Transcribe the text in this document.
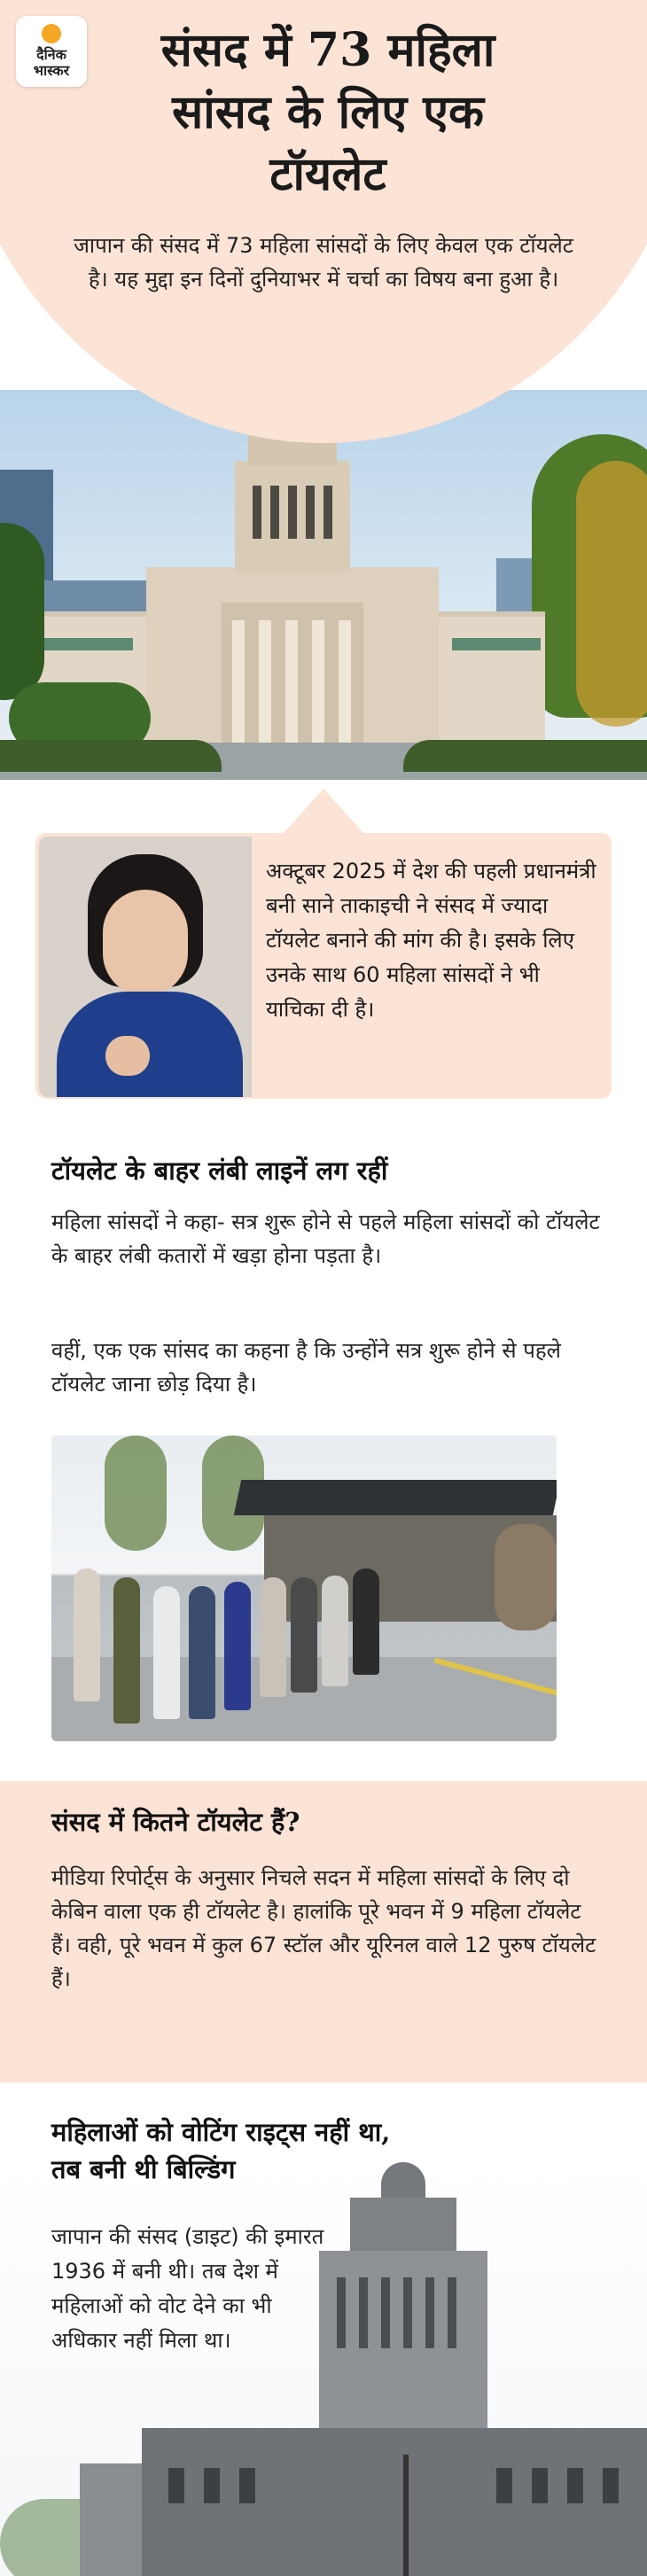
दैनिक
भास्कर	संसद में 73 महिला
सांसद के लिए एक
टॉयलेट
जापान की संसद में 73 महिला सांसदों के लिए केवल एक टॉयलेट है। यह मुद्दा इन दिनों दुनियाभर में चर्चा का विषय बना हुआ है।
अक्टूबर 2025 में देश की पहली प्रधानमंत्री बनी साने ताकाइची ने संसद में ज्यादा टॉयलेट बनाने की मांग की है। इसके लिए उनके साथ 60 महिला सांसदों ने भी याचिका दी है।
टॉयलेट के बाहर लंबी लाइनें लग रहीं
महिला सांसदों ने कहा- सत्र शुरू होने से पहले महिला सांसदों को टॉयलेट के बाहर लंबी कतारों में खड़ा होना पड़ता है।
वहीं, एक एक सांसद का कहना है कि उन्होंने सत्र शुरू होने से पहले टॉयलेट जाना छोड़ दिया है।
संसद में कितने टॉयलेट हैं?
मीडिया रिपोर्ट्स के अनुसार निचले सदन में महिला सांसदों के लिए दो केबिन वाला एक ही टॉयलेट है। हालांकि पूरे भवन में 9 महिला टॉयलेट हैं। वही, पूरे भवन में कुल 67 स्टॉल और यूरिनल वाले 12 पुरुष टॉयलेट हैं।
महिलाओं को वोटिंग राइट्स नहीं था,
तब बनी थी बिल्डिंग
जापान की संसद (डाइट) की इमारत 1936 में बनी थी। तब देश में महिलाओं को वोट देने का भी अधिकार नहीं मिला था।
